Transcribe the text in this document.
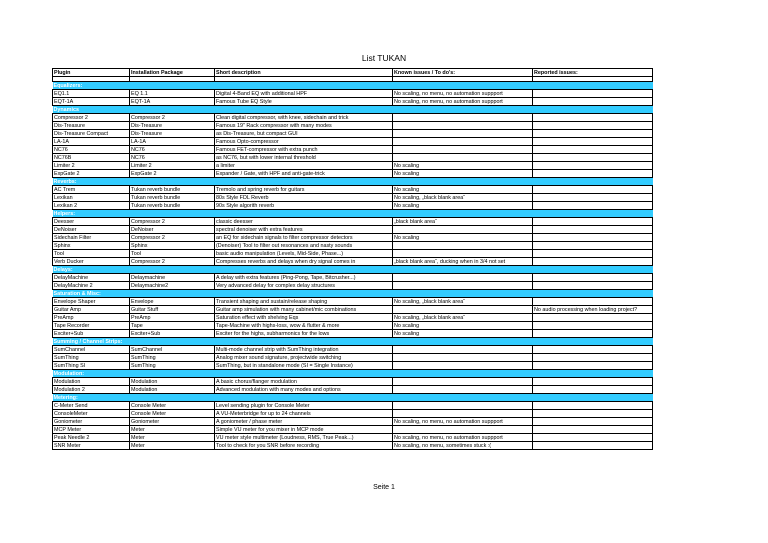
List TUKAN
Plugin	Installation Package	Short description	Known issues / To do's:	Reported issues:

Equalizers:				
EQ1.1	EQ 1.1	Digital 4-Band EQ with additional HPF	No scaling, no menu, no automation suppport	
EQT-1A	EQT-1A	Famous Tube EQ Style	No scaling, no menu, no automation suppport	
Dynamics				
Compressor 2	Compressor 2	Clean digital compressor, with knee, sidechain and trick		
Dis-Treasure	Dis-Treasure	Famous 19" Rack compressor with many modes		
Dis-Treasure Compact	Dis-Treasure	as Dis-Treasure, but compact GUI		
LA-1A	LA-1A	Famous Opto-compressor		
NC76	NC76	Famous FET-compressor with extra punch		
NC76B	NC76	as NC76, but with lower internal threshold		
Limiter 2	Limiter 2	a limiter	No scaling	
ExpGate 2	ExpGate 2	Expander / Gate, with HPF and anti-gate-trick	No scaling	
Reverbs:				
AC Trem	Tukan reverb bundle	Tremolo and spring reverb for guitars	No scaling	
Lexikan	Tukan reverb bundle	80s Style FDL Reverb	No scaling, „black blank area“	
Lexikan 2	Tukan reverb bundle	90s Style algorith reverb	No scaling	
Helpers:				
Deesser	Compressor 2	classic deesser	„black blank area“	
DeNoiser	DeNoiser	spectral denoiser with extra features		
Sidechain Filter	Compressor 2	an EQ for sidechain signals to filter compressor detectors	No scaling	
Sphinx	Sphinx	(Denoiser) Tool to filter out resonances and nasty sounds		
Tool	Tool	basic audio manipulation (Levels, Mid-Side, Phase...)		
Verb Ducker	Compressor 2	Compresses reverbs and delays when dry signal comes in	„black blank area“, ducking when in 3/4 not set	
Delays:				
DelayMachine	Delaymachine	A delay with extra features (Ping-Pong, Tape, Bitcrusher...)		
DelayMachine 2	Delaymachine2	Very advanced delay for complex delay structures		
Saturation & Misc:				
Envelope Shaper	Envelope	Transient shaping and sustain/release shaping	No scaling, „black blank area“	
Guitar Amp	Guitar Stuff	Guitar amp simulation with many cabinet/mic combinations		No audio processing when loading project?
PreAmp	PreAmp	Saturation effect with shelving Eqs	No scaling, „black blank area“	
Tape Recorder	Tape	Tape-Machine with highs-loss, wow & flutter & more	No scaling	
Exciter+Sub	Exciter+Sub	Exciter for the highs, subharmonics for the lows	No scaling	
Summing / Channel Strips:				
SumChannel	SumChannel	Multi-mode channel strip with SumThing integration		
SumThing	SumThing	Analog mixer sound signature, projectwide switching		
SumThing SI	SumThing	SumThing, but in standalone mode (SI = Single Instance)		
Modulation:				
Modulation	Modulation	A basic chorus/flanger modulation		
Modulation 2	Modulation	Advanced modulation with many modes and options		
Metering:				
C-Meter Send	Console Meter	Level sending plugin for Console Meter		
ConsoleMeter	Console Meter	A VU-Meterbridge for up to 24 channels		
Goniometer	Goniometer	A goniometer / phase meter	No scaling, no menu, no automation suppport	
MCP Meter	Meter	Simple VU meter for you mixer in MCP mode		
Peak Needle 2	Meter	VU meter style multimeter (Loudness, RMS, True Peak...)	No scaling, no menu, no automation suppport	
SNR Meter	Meter	Tool to check for you SNR before recording	No scaling, no menu, sometimes stuck :(	
Seite 1
